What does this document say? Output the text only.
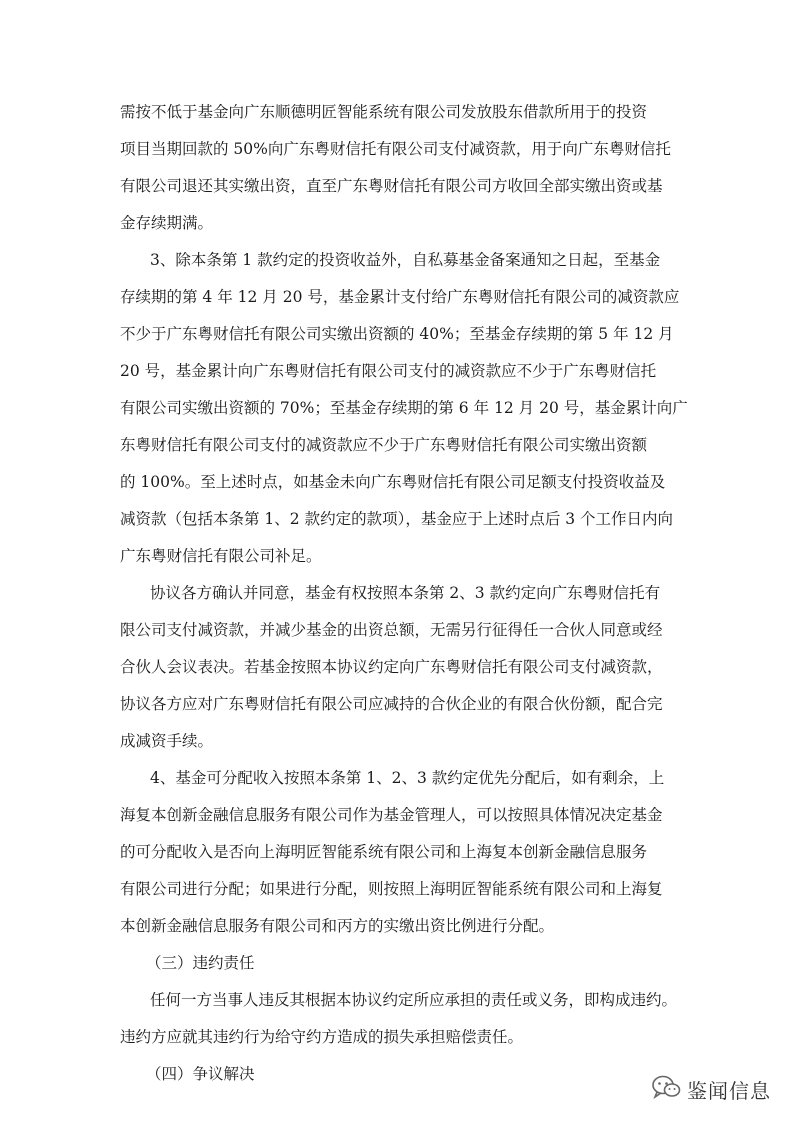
需按不低于基金向广东顺德明匠智能系统有限公司发放股东借款所用于的投资
项目当期回款的 50%向广东粤财信托有限公司支付减资款，用于向广东粤财信托
有限公司退还其实缴出资，直至广东粤财信托有限公司方收回全部实缴出资或基
金存续期满。
3、除本条第 1 款约定的投资收益外，自私募基金备案通知之日起，至基金
存续期的第 4 年 12 月 20 号，基金累计支付给广东粤财信托有限公司的减资款应
不少于广东粤财信托有限公司实缴出资额的 40%；至基金存续期的第 5 年 12 月
20 号，基金累计向广东粤财信托有限公司支付的减资款应不少于广东粤财信托
有限公司实缴出资额的 70%；至基金存续期的第 6 年 12 月 20 号，基金累计向广
东粤财信托有限公司支付的减资款应不少于广东粤财信托有限公司实缴出资额
的 100%。至上述时点，如基金未向广东粤财信托有限公司足额支付投资收益及
减资款（包括本条第 1、2 款约定的款项），基金应于上述时点后 3 个工作日内向
广东粤财信托有限公司补足。
协议各方确认并同意，基金有权按照本条第 2、3 款约定向广东粤财信托有
限公司支付减资款，并减少基金的出资总额，无需另行征得任一合伙人同意或经
合伙人会议表决。若基金按照本协议约定向广东粤财信托有限公司支付减资款，
协议各方应对广东粤财信托有限公司应减持的合伙企业的有限合伙份额，配合完
成减资手续。
4、基金可分配收入按照本条第 1、2、3 款约定优先分配后，如有剩余，上
海复本创新金融信息服务有限公司作为基金管理人，可以按照具体情况决定基金
的可分配收入是否向上海明匠智能系统有限公司和上海复本创新金融信息服务
有限公司进行分配；如果进行分配，则按照上海明匠智能系统有限公司和上海复
本创新金融信息服务有限公司和丙方的实缴出资比例进行分配。
（三）违约责任
任何一方当事人违反其根据本协议约定所应承担的责任或义务，即构成违约。
违约方应就其违约行为给守约方造成的损失承担赔偿责任。
（四）争议解决
鉴闻信息
